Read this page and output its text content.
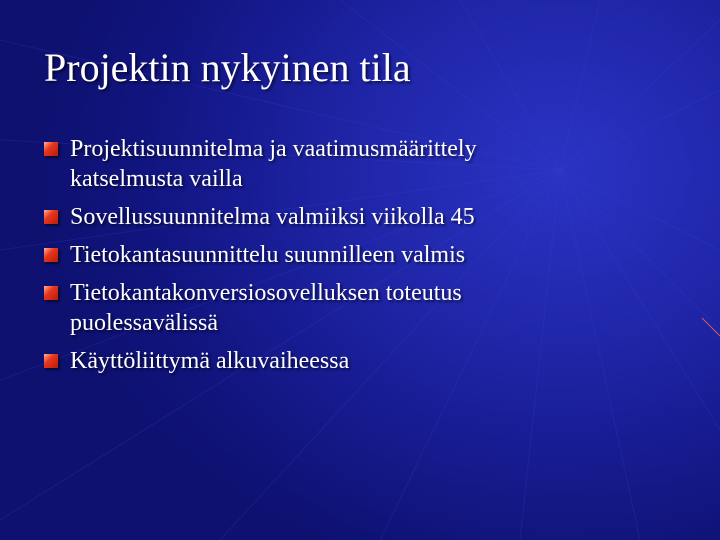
Projektin nykyinen tila
Projektisuunnitelma ja vaatimusmäärittely katselmusta vailla
Sovellussuunnitelma valmiiksi viikolla 45
Tietokantasuunnittelu suunnilleen valmis
Tietokantakonversiosovelluksen toteutus puolessavälissä
Käyttöliittymä alkuvaiheessa
